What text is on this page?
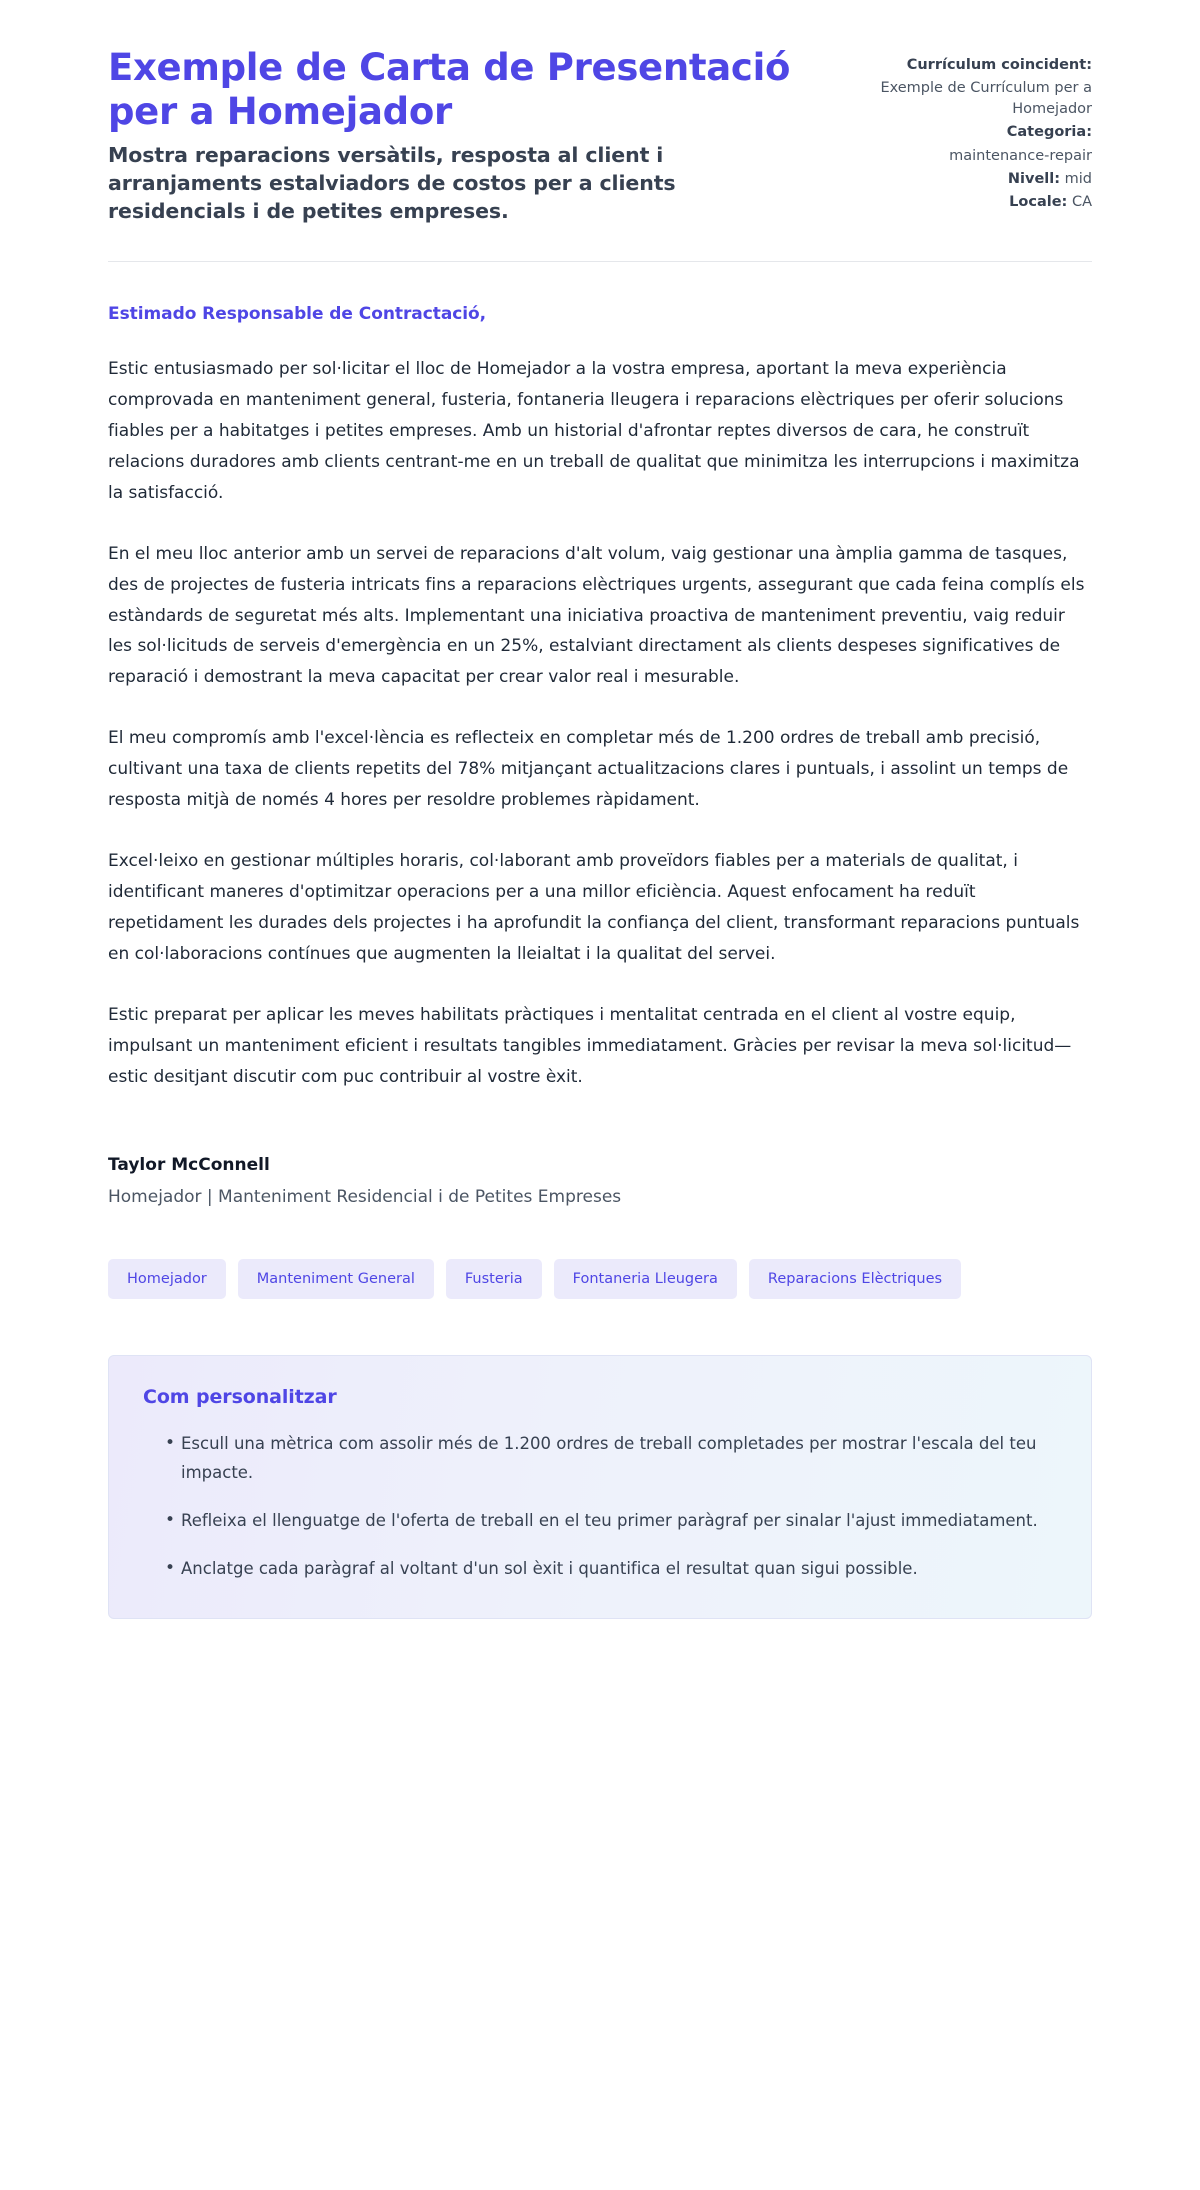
Exemple de Carta de Presentació per a Homejador

Mostra reparacions versàtils, resposta al client i arranjaments estalviadors de costos per a clients residencials i de petites empreses.

Currículum coincident:
Exemple de Currículum per a Homejador
Categoria:
maintenance-repair
Nivell: mid
Locale: CA

Estimado Responsable de Contractació,

Estic entusiasmado per sol·licitar el lloc de Homejador a la vostra empresa, aportant la meva experiència comprovada en manteniment general, fusteria, fontaneria lleugera i reparacions elèctriques per oferir solucions fiables per a habitatges i petites empreses. Amb un historial d'afrontar reptes diversos de cara, he construït relacions duradores amb clients centrant-me en un treball de qualitat que minimitza les interrupcions i maximitza la satisfacció.

En el meu lloc anterior amb un servei de reparacions d'alt volum, vaig gestionar una àmplia gamma de tasques, des de projectes de fusteria intricats fins a reparacions elèctriques urgents, assegurant que cada feina complís els estàndards de seguretat més alts. Implementant una iniciativa proactiva de manteniment preventiu, vaig reduir les sol·licituds de serveis d'emergència en un 25%, estalviant directament als clients despeses significatives de reparació i demostrant la meva capacitat per crear valor real i mesurable.

El meu compromís amb l'excel·lència es reflecteix en completar més de 1.200 ordres de treball amb precisió, cultivant una taxa de clients repetits del 78% mitjançant actualitzacions clares i puntuals, i assolint un temps de resposta mitjà de només 4 hores per resoldre problemes ràpidament.

Excel·leixo en gestionar múltiples horaris, col·laborant amb proveïdors fiables per a materials de qualitat, i identificant maneres d'optimitzar operacions per a una millor eficiència. Aquest enfocament ha reduït repetidament les durades dels projectes i ha aprofundit la confiança del client, transformant reparacions puntuals en col·laboracions contínues que augmenten la lleialtat i la qualitat del servei.

Estic preparat per aplicar les meves habilitats pràctiques i mentalitat centrada en el client al vostre equip, impulsant un manteniment eficient i resultats tangibles immediatament. Gràcies per revisar la meva sol·licitud—estic desitjant discutir com puc contribuir al vostre èxit.

Taylor McConnell

Homejador | Manteniment Residencial i de Petites Empreses

Homejador	Manteniment General	Fusteria	Fontaneria Lleugera	Reparacions Elèctriques
Com personalitzar
• Escull una mètrica com assolir més de 1.200 ordres de treball completades per mostrar l'escala del teu impacte.
• Refleixa el llenguatge de l'oferta de treball en el teu primer paràgraf per sinalar l'ajust immediatament.
• Anclatge cada paràgraf al voltant d'un sol èxit i quantifica el resultat quan sigui possible.
